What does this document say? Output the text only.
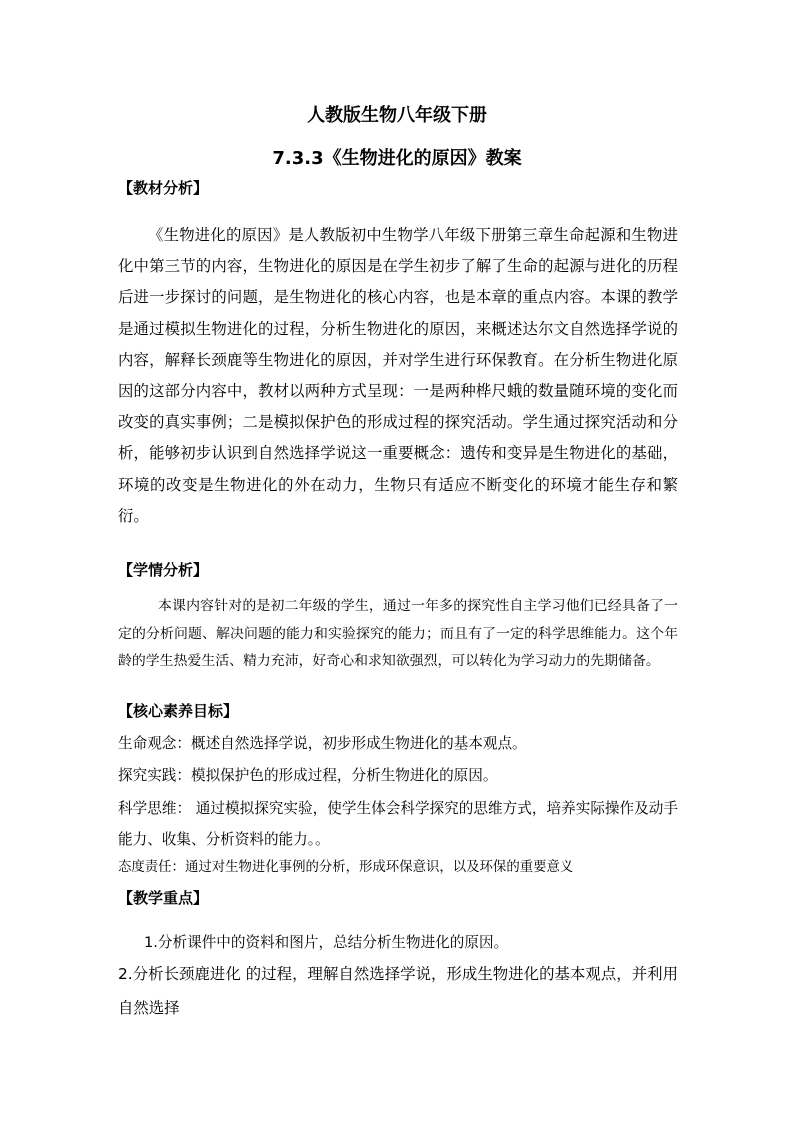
人教版生物八年级下册
7.3.3《生物进化的原因》教案
【教材分析】
《生物进化的原因》是人教版初中生物学八年级下册第三章生命起源和生物进化中第三节的内容，生物进化的原因是在学生初步了解了生命的起源与进化的历程后进一步探讨的问题，是生物进化的核心内容，也是本章的重点内容。本课的教学是通过模拟生物进化的过程，分析生物进化的原因，来概述达尔文自然选择学说的内容，解释长颈鹿等生物进化的原因，并对学生进行环保教育。在分析生物进化原因的这部分内容中，教材以两种方式呈现：一是两种桦尺蛾的数量随环境的变化而改变的真实事例；二是模拟保护色的形成过程的探究活动。学生通过探究活动和分析，能够初步认识到自然选择学说这一重要概念：遗传和变异是生物进化的基础，环境的改变是生物进化的外在动力，生物只有适应不断变化的环境才能生存和繁衍。
【学情分析】
本课内容针对的是初二年级的学生，通过一年多的探究性自主学习他们已经具备了一定的分析问题、解决问题的能力和实验探究的能力；而且有了一定的科学思维能力。这个年龄的学生热爱生活、精力充沛，好奇心和求知欲强烈，可以转化为学习动力的先期储备。
【核心素养目标】
生命观念：概述自然选择学说，初步形成生物进化的基本观点。
探究实践：模拟保护色的形成过程，分析生物进化的原因。
科学思维： 通过模拟探究实验，使学生体会科学探究的思维方式，培养实际操作及动手能力、收集、分析资料的能力。。
态度责任：通过对生物进化事例的分析，形成环保意识，以及环保的重要意义
【教学重点】
1.分析课件中的资料和图片，总结分析生物进化的原因。
2.分析长颈鹿进化 的过程，理解自然选择学说，形成生物进化的基本观点，并利用自然选择
